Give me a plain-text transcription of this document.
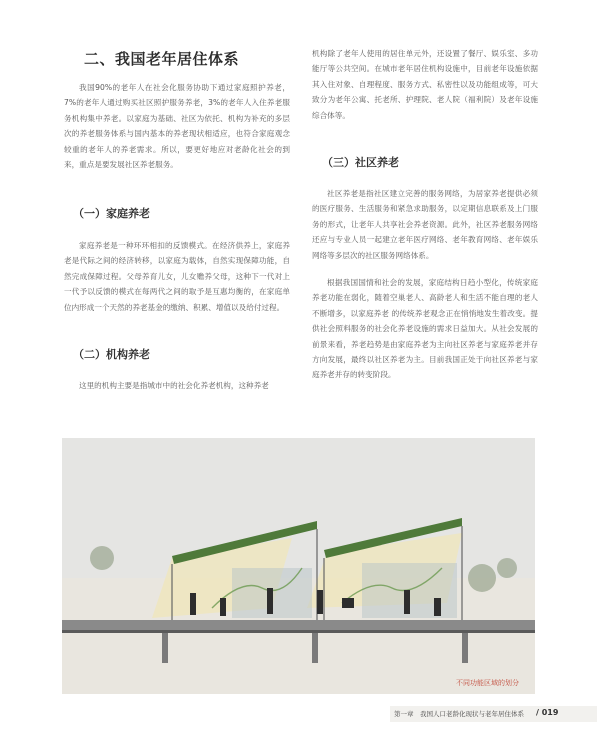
二、我国老年居住体系

我国90%的老年人在社会化服务协助下通过家庭照护养老，7%的老年人通过购买社区照护服务养老，3%的老年人入住养老服务机构集中养老。以家庭为基础、社区为依托、机构为补充的多层次的养老服务体系与国内基本的养老现状相适应，也符合家庭观念较重的老年人的养老需求。所以，要更好地应对老龄化社会的到来，重点是要发展社区养老服务。

（一）家庭养老

家庭养老是一种环环相扣的反馈模式。在经济供养上，家庭养老是代际之间的经济转移，以家庭为载体，自然实现保障功能，自然完成保障过程。父母养育儿女，儿女赡养父母，这种下一代对上一代予以反馈的模式在每两代之间的取予是互惠均衡的，在家庭单位内形成一个天然的养老基金的缴纳、积累、增值以及给付过程。

（二）机构养老

这里的机构主要是指城市中的社会化养老机构，这种养老

机构除了老年人使用的居住单元外，还设置了餐厅、娱乐室、多功能厅等公共空间。在城市老年居住机构设施中，目前老年设施依据其入住对象、自理程度、服务方式、私密性以及功能组成等，可大致分为老年公寓、托老所、护理院、老人院（福利院）及老年设施综合体等。

（三）社区养老

社区养老是指社区建立完善的服务网络，为居家养老提供必须的医疗服务、生活服务和紧急求助服务，以定期信息联系及上门服务的形式，让老年人共享社会养老资源。此外，社区养老服务网络还应与专业人员一起建立老年医疗网络、老年教育网络、老年娱乐网络等多层次的社区服务网络体系。

根据我国国情和社会的发展，家庭结构日趋小型化，传统家庭养老功能在弱化，随着空巢老人、高龄老人和生活不能自理的老人不断增多，以家庭养老 的传统养老观念正在悄悄地发生着改变。提供社会照料服务的社会化养老设施的需求日益加大。从社会发展的前景来看，养老趋势是由家庭养老为主向社区养老与家庭养老并存方向发展，最终以社区养老为主。目前我国正处于向社区养老与家庭养老并存的转变阶段。

不同功能区域的划分
第一章　我国人口老龄化现状与老年居住体系 / 019
